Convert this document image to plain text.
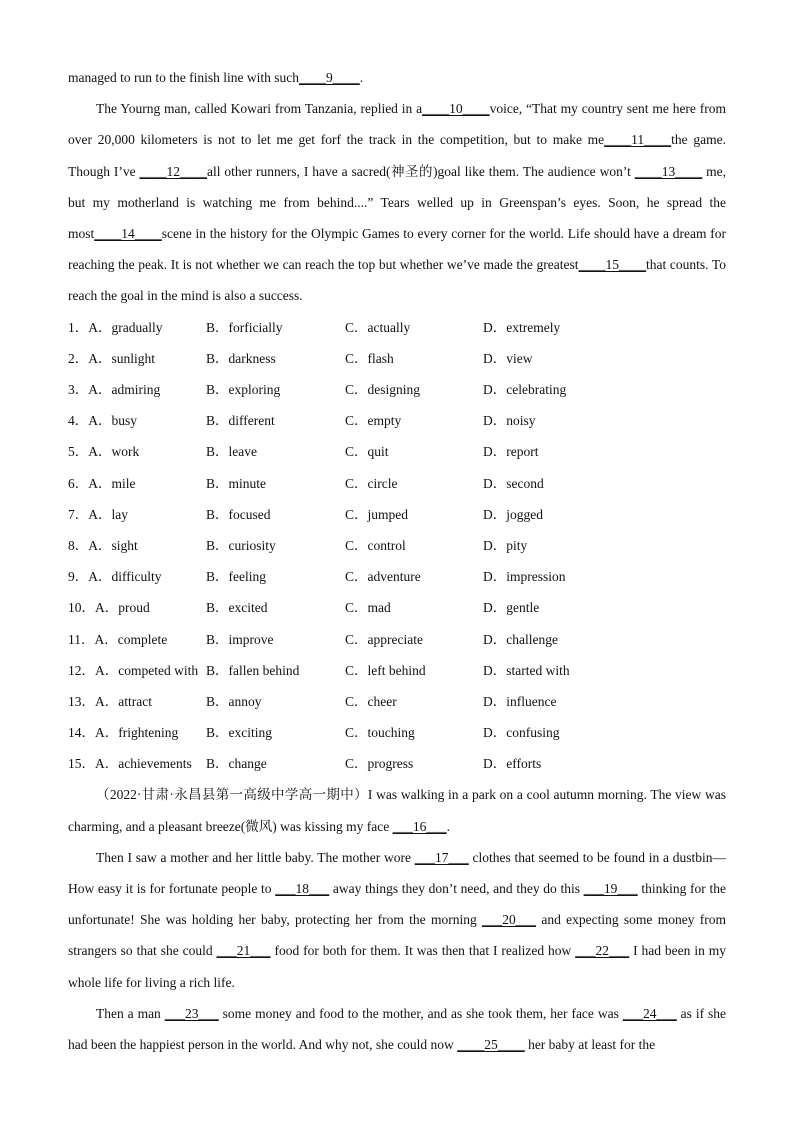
managed to run to the finish line with such____9____.

The Yourng man, called Kowari from Tanzania, replied in a____10____voice, “That my country sent me here from over 20,000 kilometers is not to let me get forf the track in the competition, but to make me____11____the game. Though I’ve ____12____all other runners, I have a sacred(神圣的)goal like them. The audience won’t ____13____ me, but my motherland is watching me from behind....” Tears welled up in Greenspan’s eyes. Soon, he spread the most____14____scene in the history for the Olympic Games to every corner for the world. Life should have a dream for reaching the peak. It is not whether we can reach the top but whether we’ve made the greatest____15____that counts. To reach the goal in the mind is also a success.

1．A．gradually	B．forficially	C．actually	D．extremely
2．A．sunlight	B．darkness	C．flash	D．view
3．A．admiring	B．exploring	C．designing	D．celebrating
4．A．busy	B．different	C．empty	D．noisy
5．A．work	B．leave	C．quit	D．report
6．A．mile	B．minute	C．circle	D．second
7．A．lay	B．focused	C．jumped	D．jogged
8．A．sight	B．curiosity	C．control	D．pity
9．A．difficulty	B．feeling	C．adventure	D．impression
10．A．proud	B．excited	C．mad	D．gentle
11．A．complete	B．improve	C．appreciate	D．challenge
12．A．competed with B．fallen behind	C．left behind	D．started with
13．A．attract	B．annoy	C．cheer	D．influence
14．A．frightening B．exciting	C．touching	D．confusing
15．A．achievements B．change	C．progress	D．efforts

（2022·甘肃·永昌县第一高级中学高一期中）I was walking in a park on a cool autumn morning. The view was charming, and a pleasant breeze(微风) was kissing my face ___16___.

Then I saw a mother and her little baby. The mother wore ___17___ clothes that seemed to be found in a dustbin—How easy it is for fortunate people to ___18___ away things they don’t need, and they do this ___19___ thinking for the unfortunate! She was holding her baby, protecting her from the morning ___20___ and expecting some money from strangers so that she could ___21___ food for both for them. It was then that I realized how ___22___ I had been in my whole life for living a rich life.

Then a man ___23___ some money and food to the mother, and as she took them, her face was ___24___ as if she had been the happiest person in the world. And why not, she could now ____25____ her baby at least for the
